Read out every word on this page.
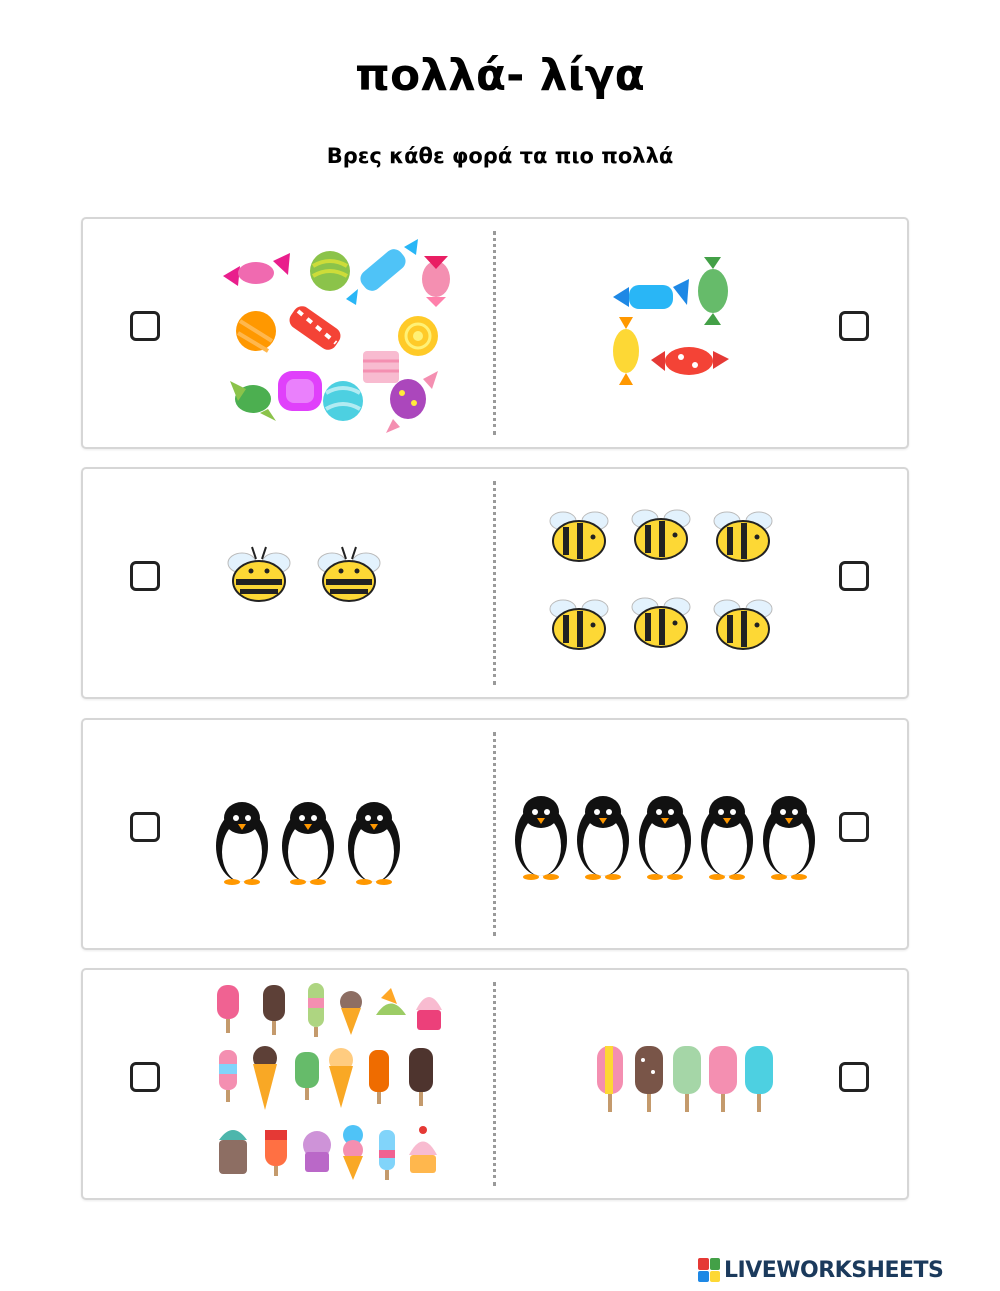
πολλά- λίγα
Βρες κάθε φορά τα πιο πολλά
LIVEWORKSHEETS
